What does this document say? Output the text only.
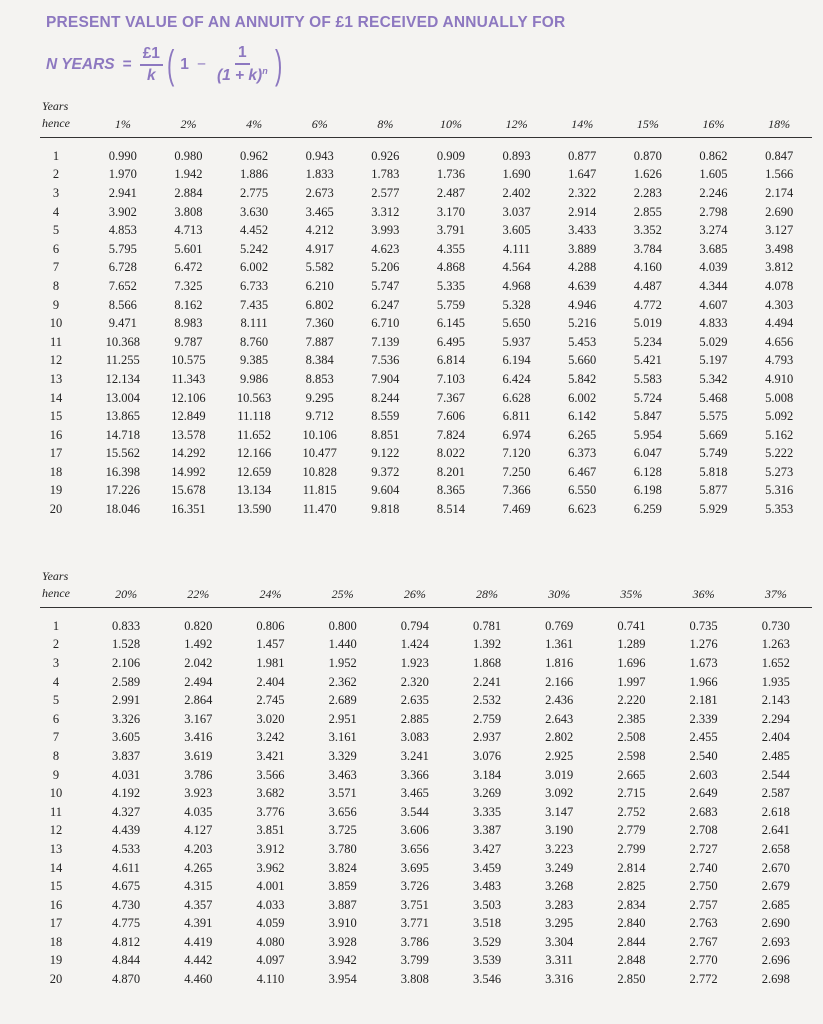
PRESENT VALUE OF AN ANNUITY OF £1 RECEIVED ANNUALLY FOR
N YEARS = $\frac{£1}{k}$ ( $1 - \frac{1}{(1 + k)^n}$ )
Years
hence	1%	2%	4%	6%	8%	10%	12%	14%	15%	16%	18%
1	0.990	0.980	0.962	0.943	0.926	0.909	0.893	0.877	0.870	0.862	0.847
2	1.970	1.942	1.886	1.833	1.783	1.736	1.690	1.647	1.626	1.605	1.566
3	2.941	2.884	2.775	2.673	2.577	2.487	2.402	2.322	2.283	2.246	2.174
4	3.902	3.808	3.630	3.465	3.312	3.170	3.037	2.914	2.855	2.798	2.690
5	4.853	4.713	4.452	4.212	3.993	3.791	3.605	3.433	3.352	3.274	3.127
6	5.795	5.601	5.242	4.917	4.623	4.355	4.111	3.889	3.784	3.685	3.498
7	6.728	6.472	6.002	5.582	5.206	4.868	4.564	4.288	4.160	4.039	3.812
8	7.652	7.325	6.733	6.210	5.747	5.335	4.968	4.639	4.487	4.344	4.078
9	8.566	8.162	7.435	6.802	6.247	5.759	5.328	4.946	4.772	4.607	4.303
10	9.471	8.983	8.111	7.360	6.710	6.145	5.650	5.216	5.019	4.833	4.494
11	10.368	9.787	8.760	7.887	7.139	6.495	5.937	5.453	5.234	5.029	4.656
12	11.255	10.575	9.385	8.384	7.536	6.814	6.194	5.660	5.421	5.197	4.793
13	12.134	11.343	9.986	8.853	7.904	7.103	6.424	5.842	5.583	5.342	4.910
14	13.004	12.106	10.563	9.295	8.244	7.367	6.628	6.002	5.724	5.468	5.008
15	13.865	12.849	11.118	9.712	8.559	7.606	6.811	6.142	5.847	5.575	5.092
16	14.718	13.578	11.652	10.106	8.851	7.824	6.974	6.265	5.954	5.669	5.162
17	15.562	14.292	12.166	10.477	9.122	8.022	7.120	6.373	6.047	5.749	5.222
18	16.398	14.992	12.659	10.828	9.372	8.201	7.250	6.467	6.128	5.818	5.273
19	17.226	15.678	13.134	11.815	9.604	8.365	7.366	6.550	6.198	5.877	5.316
20	18.046	16.351	13.590	11.470	9.818	8.514	7.469	6.623	6.259	5.929	5.353
Years
hence	20%	22%	24%	25%	26%	28%	30%	35%	36%	37%
1	0.833	0.820	0.806	0.800	0.794	0.781	0.769	0.741	0.735	0.730
2	1.528	1.492	1.457	1.440	1.424	1.392	1.361	1.289	1.276	1.263
3	2.106	2.042	1.981	1.952	1.923	1.868	1.816	1.696	1.673	1.652
4	2.589	2.494	2.404	2.362	2.320	2.241	2.166	1.997	1.966	1.935
5	2.991	2.864	2.745	2.689	2.635	2.532	2.436	2.220	2.181	2.143
6	3.326	3.167	3.020	2.951	2.885	2.759	2.643	2.385	2.339	2.294
7	3.605	3.416	3.242	3.161	3.083	2.937	2.802	2.508	2.455	2.404
8	3.837	3.619	3.421	3.329	3.241	3.076	2.925	2.598	2.540	2.485
9	4.031	3.786	3.566	3.463	3.366	3.184	3.019	2.665	2.603	2.544
10	4.192	3.923	3.682	3.571	3.465	3.269	3.092	2.715	2.649	2.587
11	4.327	4.035	3.776	3.656	3.544	3.335	3.147	2.752	2.683	2.618
12	4.439	4.127	3.851	3.725	3.606	3.387	3.190	2.779	2.708	2.641
13	4.533	4.203	3.912	3.780	3.656	3.427	3.223	2.799	2.727	2.658
14	4.611	4.265	3.962	3.824	3.695	3.459	3.249	2.814	2.740	2.670
15	4.675	4.315	4.001	3.859	3.726	3.483	3.268	2.825	2.750	2.679
16	4.730	4.357	4.033	3.887	3.751	3.503	3.283	2.834	2.757	2.685
17	4.775	4.391	4.059	3.910	3.771	3.518	3.295	2.840	2.763	2.690
18	4.812	4.419	4.080	3.928	3.786	3.529	3.304	2.844	2.767	2.693
19	4.844	4.442	4.097	3.942	3.799	3.539	3.311	2.848	2.770	2.696
20	4.870	4.460	4.110	3.954	3.808	3.546	3.316	2.850	2.772	2.698
